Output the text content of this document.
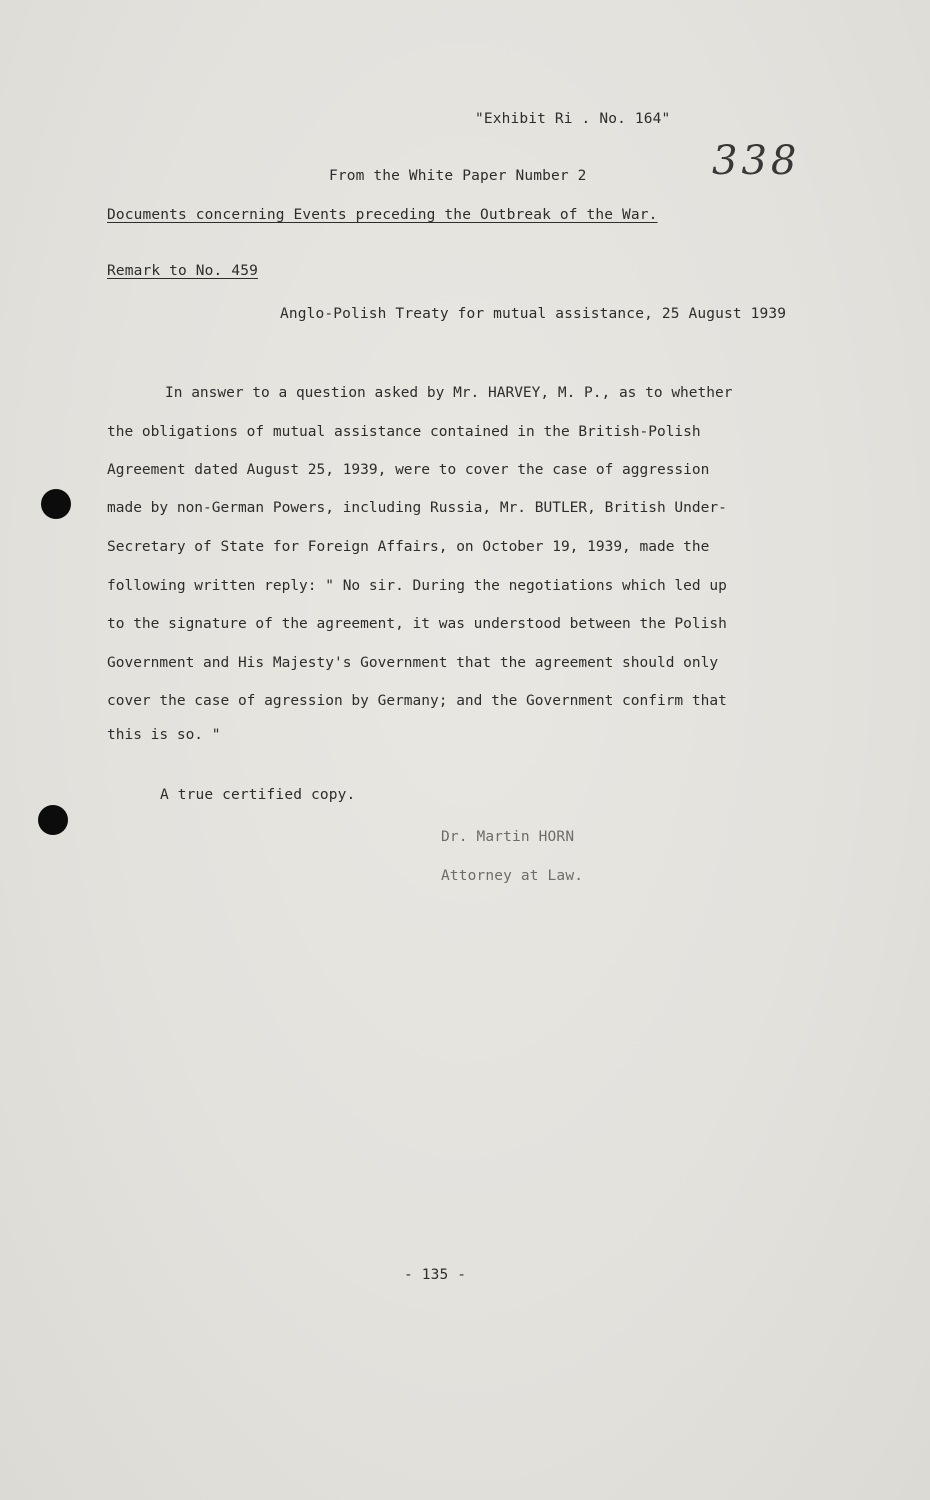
"Exhibit Ri . No. 164"
From the White Paper Number 2	338
Documents concerning Events preceding the Outbreak of the War.
Remark to No. 459
Anglo-Polish Treaty for mutual assistance, 25 August 1939
In answer to a question asked by Mr. HARVEY, M. P., as to whether
the obligations of mutual assistance contained in the British-Polish
Agreement dated August 25, 1939, were to cover the case of aggression
made by non-German Powers, including Russia, Mr. BUTLER, British Under-
Secretary of State for Foreign Affairs, on October 19, 1939, made the
following written reply: " No sir. During the negotiations which led up
to the signature of the agreement, it was understood between the Polish
Government and His Majesty's Government that the agreement should only
cover the case of agression by Germany; and the Government confirm that
this is so. "
A true certified copy.
Dr. Martin HORN
Attorney at Law.
- 135 -
